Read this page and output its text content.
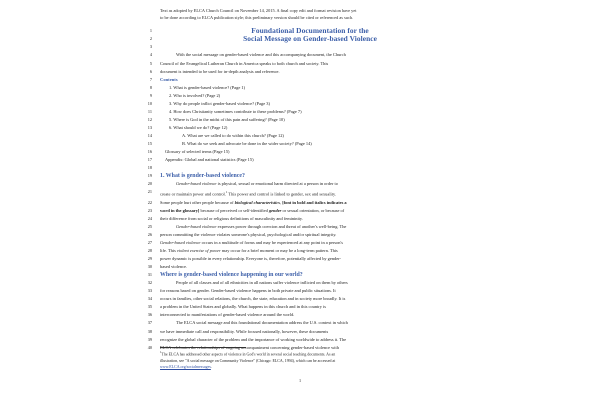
Text as adopted by ELCA Church Council on November 14, 2015. A final copy edit and format revision have yet
to be done according to ELCA publication style; this preliminary version should be cited or referenced as such.
1	Foundational Documentation for the
2	Social Message on Gender-based Violence
3
4	With the social message on gender-based violence and this accompanying document, the Church
5 Council of the Evangelical Lutheran Church in America speaks to both church and society. This
6 document is intended to be used for in-depth analysis and reference.
7 Contents
8	1. What is gender-based violence? (Page 1)
9	2. Who is involved? (Page 2)
10	3. Why do people inflict gender-based violence? (Page 3)
11	4. How does Christianity sometimes contribute to these problems? (Page 7)
12	5. Where is God in the midst of this pain and suffering? (Page 10)
13	6. What should we do? (Page 12)
14	A. What are we called to do within this church? (Page 12)
15	B. What do we seek and advocate be done in the wider society? (Page 14)
16	Glossary of selected terms (Page 15)
17	Appendix: Global and national statistics (Page 15)
18
19 1. What is gender-based violence?
20	Gender-based violence is physical, sexual or emotional harm directed at a person in order to
21 create or maintain power and control.$^1$ This power and control is linked to gender, sex and sexuality.
22 Some people hurt other people because of biological characteristics, [font in bold and italics indicates a
23 word in the glossary] because of perceived or self-identified gender or sexual orientation, or because of
24 their difference from social or religious definitions of masculinity and femininity.
25	Gender-based violence expresses power through coercion and threat of another's well-being. The
26 person committing the violence violates someone's physical, psychological and/or spiritual integrity.
27 Gender-based violence occurs in a multitude of forms and may be experienced at any point in a person's
28 life. This violent exercise of power may occur for a brief moment or may be a long-term pattern. This
29 power dynamic is possible in every relationship. Everyone is, therefore, potentially affected by gender-
30 based violence.
31 Where is gender-based violence happening in our world?
32	People of all classes and of all ethnicities in all nations suffer violence inflicted on them by others
33 for reasons based on gender. Gender-based violence happens in both private and public situations. It
34 occurs in families, other social relations, the church, the state, education and in society more broadly. It is
35 a problem in the United States and globally. What happens in this church and in this country is
36 interconnected to manifestations of gender-based violence around the world.
37	The ELCA social message and this foundational documentation address the U.S. context in which
38 we have immediate call and responsibility. While focused nationally, however, these documents
39 recognize the global character of the problem and the importance of working worldwide to address it. The
40 ELCA celebrates the relationships of ongoing accompaniment concerning gender-based violence with
$^1$The ELCA has addressed other aspects of violence in God's world in several social teaching documents. As an
illustration, see "A social message on Community Violence" (Chicago: ELCA, 1994), which can be accessed at
www.ELCA.org/socialmessages.
1
